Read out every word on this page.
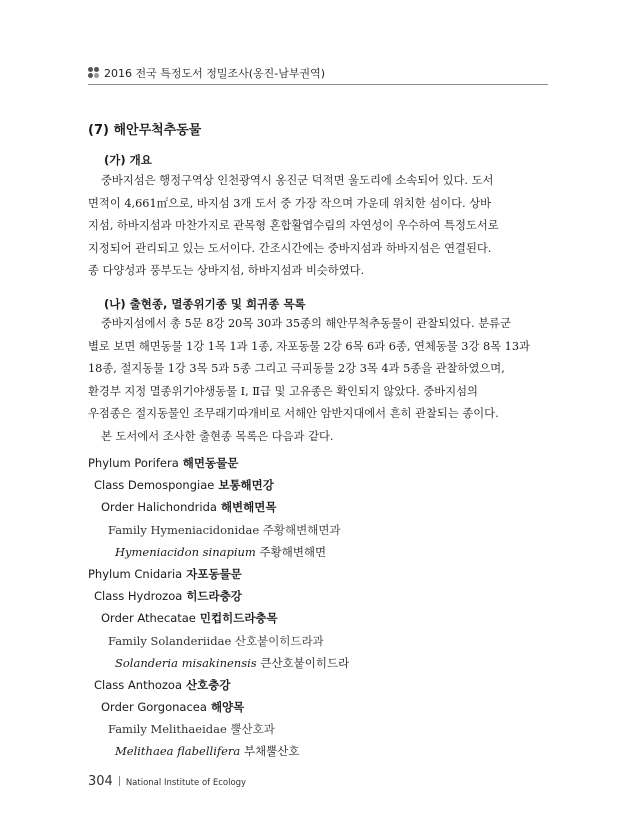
2016 전국 특정도서 정밀조사(옹진-남부권역)
(7) 해안무척추동물
(가) 개요
중바지섬은 행정구역상 인천광역시 옹진군 덕적면 울도리에 소속되어 있다. 도서
면적이 4,661㎡으로, 바지섬 3개 도서 중 가장 작으며 가운데 위치한 섬이다. 상바
지섬, 하바지섬과 마찬가지로 관목형 혼합활엽수림의 자연성이 우수하여 특정도서로
지정되어 관리되고 있는 도서이다. 간조시간에는 중바지섬과 하바지섬은 연결된다.
종 다양성과 풍부도는 상바지섬, 하바지섬과 비슷하였다.
(나) 출현종, 멸종위기종 및 희귀종 목록
중바지섬에서 총 5문 8강 20목 30과 35종의 해안무척추동물이 관찰되었다. 분류군
별로 보면 해면동물 1강 1목 1과 1종, 자포동물 2강 6목 6과 6종, 연체동물 3강 8목 13과
18종, 절지동물 1강 3목 5과 5종 그리고 극피동물 2강 3목 4과 5종을 관찰하였으며,
환경부 지정 멸종위기야생동물 Ⅰ, Ⅱ급 및 고유종은 확인되지 않았다. 중바지섬의
우점종은 절지동물인 조무래기따개비로 서해안 암반지대에서 흔히 관찰되는 종이다.
본 도서에서 조사한 출현종 목록은 다음과 같다.
Phylum Porifera 해면동물문
Class Demospongiae 보통해면강
Order Halichondrida 해변해면목
Family Hymeniacidonidae 주황해변해면과
Hymeniacidon sinapium 주황해변해면
Phylum Cnidaria 자포동물문
Class Hydrozoa 히드라충강
Order Athecatae 민컵히드라충목
Family Solanderiidae 산호붙이히드라과
Solanderia misakinensis 큰산호붙이히드라
Class Anthozoa 산호충강
Order Gorgonacea 해양목
Family Melithaeidae 뿔산호과
Melithaea flabellifera 부채뿔산호
304 National Institute of Ecology
